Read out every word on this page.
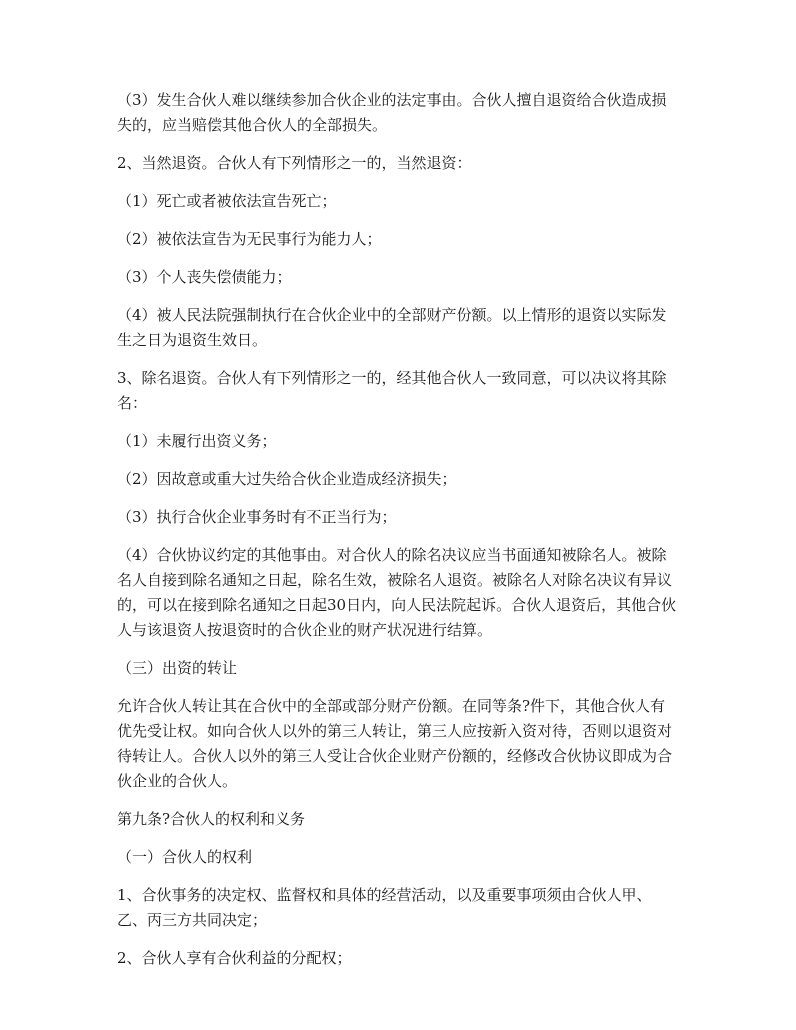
（3）发生合伙人难以继续参加合伙企业的法定事由。合伙人擅自退资给合伙造成损失的，应当赔偿其他合伙人的全部损失。

2、当然退资。合伙人有下列情形之一的，当然退资：

（1）死亡或者被依法宣告死亡；

（2）被依法宣告为无民事行为能力人；

（3）个人丧失偿债能力；

（4）被人民法院强制执行在合伙企业中的全部财产份额。以上情形的退资以实际发生之日为退资生效日。

3、除名退资。合伙人有下列情形之一的，经其他合伙人一致同意，可以决议将其除名：

（1）未履行出资义务；

（2）因故意或重大过失给合伙企业造成经济损失；

（3）执行合伙企业事务时有不正当行为；

（4）合伙协议约定的其他事由。对合伙人的除名决议应当书面通知被除名人。被除名人自接到除名通知之日起，除名生效，被除名人退资。被除名人对除名决议有异议的，可以在接到除名通知之日起30日内，向人民法院起诉。合伙人退资后，其他合伙人与该退资人按退资时的合伙企业的财产状况进行结算。

（三）出资的转让

允许合伙人转让其在合伙中的全部或部分财产份额。在同等条?件下，其他合伙人有优先受让权。如向合伙人以外的第三人转让，第三人应按新入资对待，否则以退资对待转让人。合伙人以外的第三人受让合伙企业财产份额的，经修改合伙协议即成为合伙企业的合伙人。

第九条?合伙人的权利和义务

（一）合伙人的权利

1、合伙事务的决定权、监督权和具体的经营活动，以及重要事项须由合伙人甲、乙、丙三方共同决定；

2、合伙人享有合伙利益的分配权；
